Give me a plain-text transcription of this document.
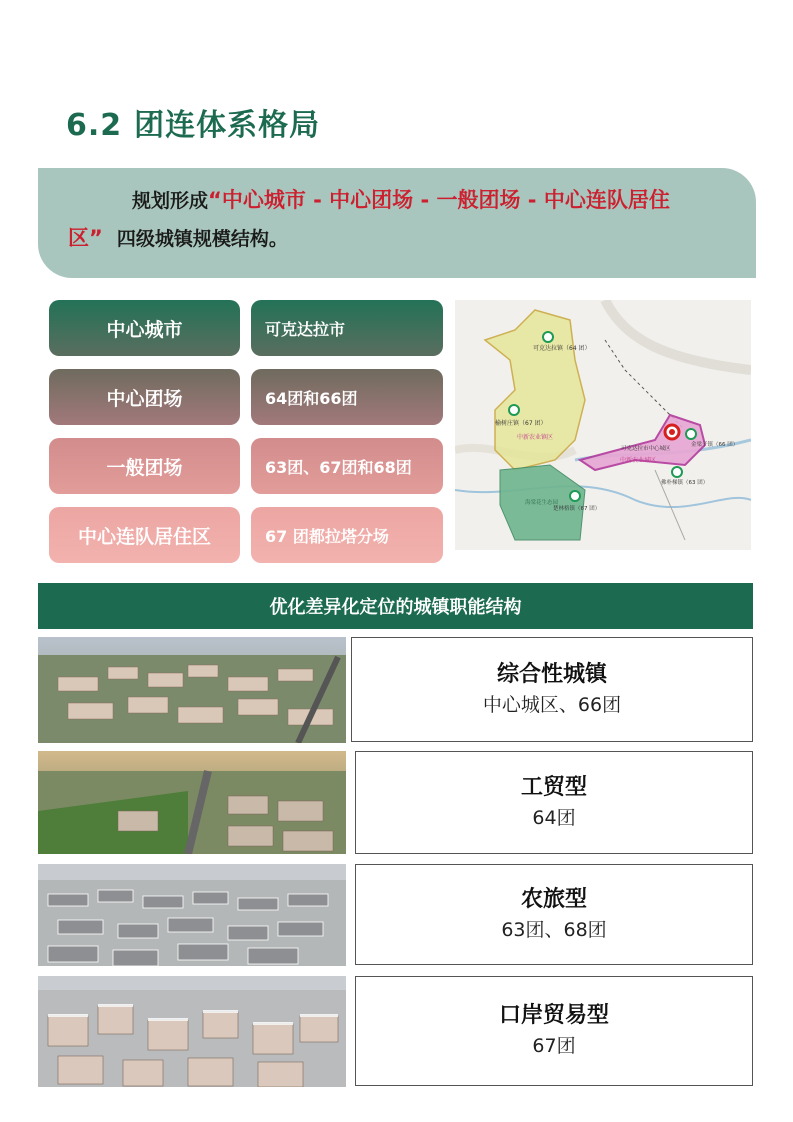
6.2 团连体系格局
规划形成“中心城市 - 中心团场 - 一般团场 - 中心连队居住
区” 四级城镇规模结构。
中心城市	可克达拉市
中心团场	64团和66团
一般团场	63团、67团和68团
中心连队居住区	67 团都拉塔分场
可克达拉镇（64 团）
榆树庄镇（67 团）
中新农业镇区
可克达拉市中心城区
金梁子镇（66 团）
中新农业城区
佛朴梯镇（63 团）
海棠花生态园
楚林格镇（67 团）
优化差异化定位的城镇职能结构
综合性城镇
中心城区、66团
工贸型
64团
农旅型
63团、68团
口岸贸易型
67团
